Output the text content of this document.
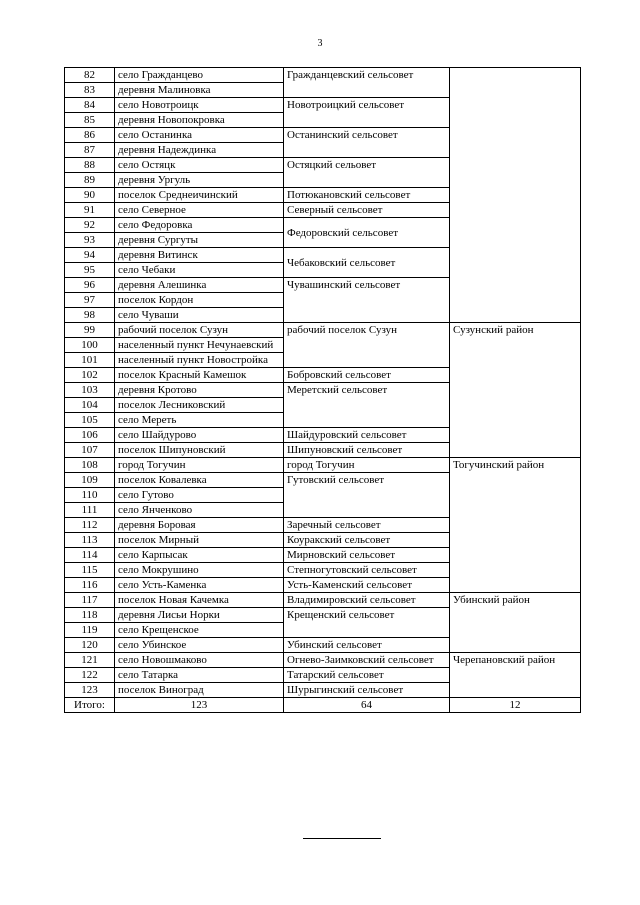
3
82	село Гражданцево	Гражданцевский сельсовет	
83	деревня Малиновка		
84	село Новотроицк	Новотроицкий сельсовет	
85	деревня Новопокровка		
86	село Останинка	Останинский сельсовет	
87	деревня Надеждинка		
88	село Остяцк	Остяцкий сельовет	
89	деревня Ургуль		
90	поселок Среднеичинский	Потюкановский сельсовет	
91	село Северное	Северный сельсовет	
92	село Федоровка	Федоровский сельсовет	
93	деревня Сургуты		
94	деревня Витинск	Чебаковский сельсовет	
95	село Чебаки		
96	деревня Алешинка	Чувашинский сельсовет	
97	поселок Кордон		
98	село Чуваши		
99	рабочий поселок Сузун	рабочий поселок Сузун	Сузунский район
100	населенный пункт Нечунаевский		
101	населенный пункт Новостройка		
102	поселок Красный Камешок	Бобровский сельсовет	
103	деревня Кротово	Меретский сельсовет	
104	поселок Лесниковский		
105	село Мереть		
106	село Шайдурово	Шайдуровский сельсовет	
107	поселок Шипуновский	Шипуновский сельсовет	
108	город Тогучин	город Тогучин	Тогучинский район
109	поселок Ковалевка	Гутовский сельсовет	
110	село Гутово		
111	село Янченково		
112	деревня Боровая	Заречный сельсовет	
113	поселок Мирный	Коуракский сельсовет	
114	село Карпысак	Мирновский сельсовет	
115	село Мокрушино	Степногутовский сельсовет	
116	село Усть-Каменка	Усть-Каменский сельсовет	
117	поселок Новая Качемка	Владимировский сельсовет	Убинский район
118	деревня Лисьи Норки	Крещенский сельсовет	
119	село Крещенское		
120	село Убинское	Убинский сельсовет	
121	село Новошмаково	Огнево-Заимковский сельсовет	Черепановский район
122	село Татарка	Татарский сельсовет	
123	поселок Виноград	Шурыгинский сельсовет	
Итого:	123	64	12
